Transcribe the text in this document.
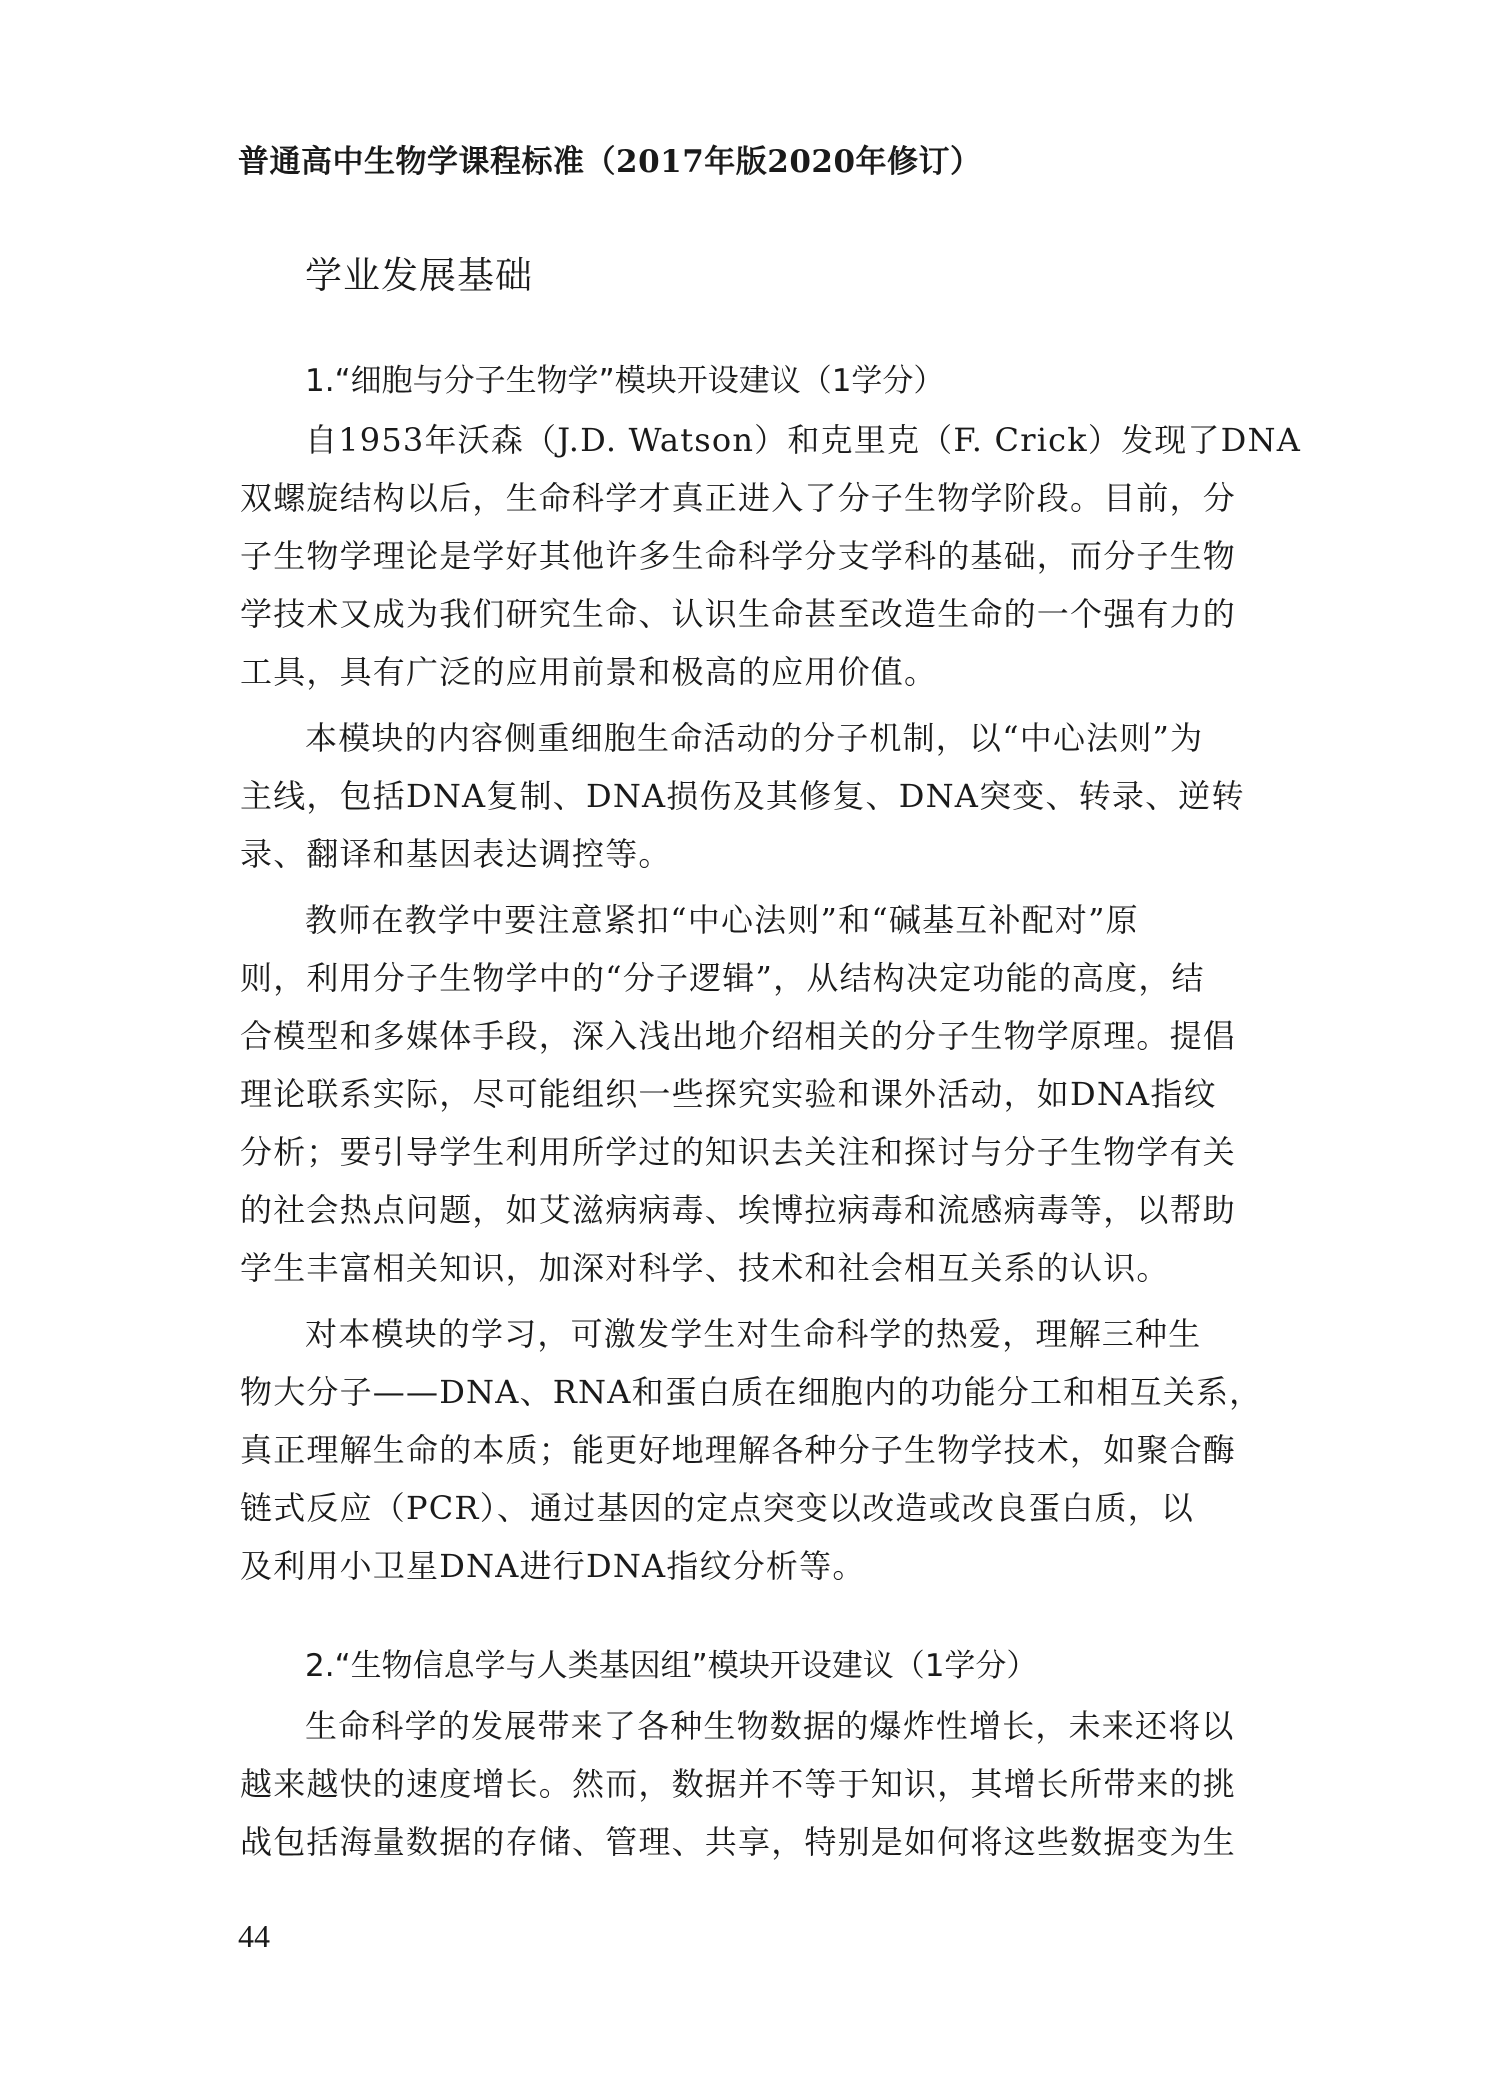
普通高中生物学课程标准（2017年版2020年修订）
学业发展基础
1.“细胞与分子生物学”模块开设建议（1学分）
自1953年沃森（J.D. Watson）和克里克（F. Crick）发现了DNA
双螺旋结构以后，生命科学才真正进入了分子生物学阶段。目前，分
子生物学理论是学好其他许多生命科学分支学科的基础，而分子生物
学技术又成为我们研究生命、认识生命甚至改造生命的一个强有力的
工具，具有广泛的应用前景和极高的应用价值。
本模块的内容侧重细胞生命活动的分子机制，以“中心法则”为
主线，包括DNA复制、DNA损伤及其修复、DNA突变、转录、逆转
录、翻译和基因表达调控等。
教师在教学中要注意紧扣“中心法则”和“碱基互补配对”原
则，利用分子生物学中的“分子逻辑”，从结构决定功能的高度，结
合模型和多媒体手段，深入浅出地介绍相关的分子生物学原理。提倡
理论联系实际，尽可能组织一些探究实验和课外活动，如DNA指纹
分析；要引导学生利用所学过的知识去关注和探讨与分子生物学有关
的社会热点问题，如艾滋病病毒、埃博拉病毒和流感病毒等，以帮助
学生丰富相关知识，加深对科学、技术和社会相互关系的认识。
对本模块的学习，可激发学生对生命科学的热爱，理解三种生
物大分子——DNA、RNA和蛋白质在细胞内的功能分工和相互关系，
真正理解生命的本质；能更好地理解各种分子生物学技术，如聚合酶
链式反应（PCR）、通过基因的定点突变以改造或改良蛋白质，以
及利用小卫星DNA进行DNA指纹分析等。
2.“生物信息学与人类基因组”模块开设建议（1学分）
生命科学的发展带来了各种生物数据的爆炸性增长，未来还将以
越来越快的速度增长。然而，数据并不等于知识，其增长所带来的挑
战包括海量数据的存储、管理、共享，特别是如何将这些数据变为生
44
